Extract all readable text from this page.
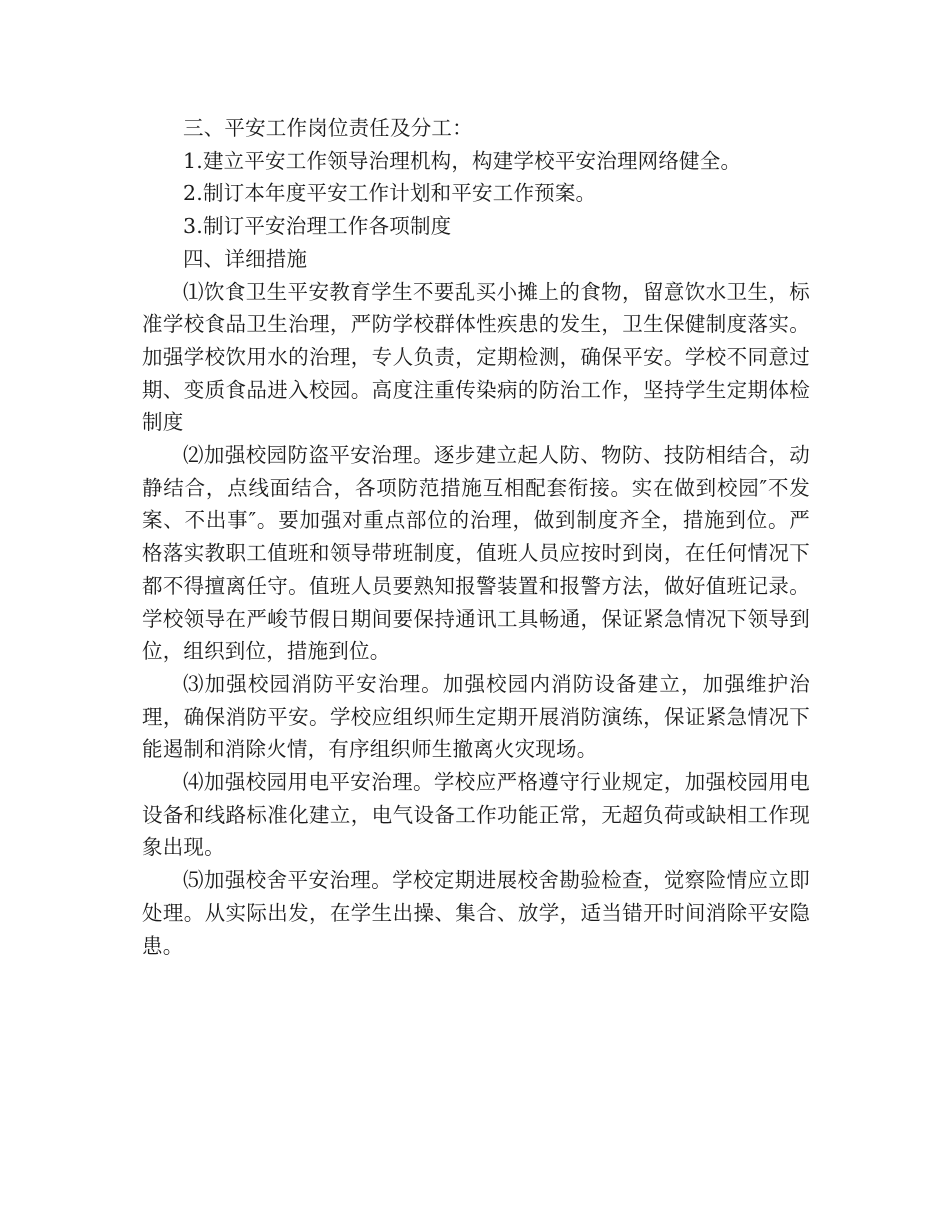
三、平安工作岗位责任及分工：

1.建立平安工作领导治理机构，构建学校平安治理网络健全。

2.制订本年度平安工作计划和平安工作预案。

3.制订平安治理工作各项制度

四、详细措施

⑴饮食卫生平安教育学生不要乱买小摊上的食物，留意饮水卫生，标准学校食品卫生治理，严防学校群体性疾患的发生，卫生保健制度落实。加强学校饮用水的治理，专人负责，定期检测，确保平安。学校不同意过期、变质食品进入校园。高度注重传染病的防治工作，坚持学生定期体检制度

⑵加强校园防盗平安治理。逐步建立起人防、物防、技防相结合，动静结合，点线面结合，各项防范措施互相配套衔接。实在做到校园″不发案、不出事″。要加强对重点部位的治理，做到制度齐全，措施到位。严格落实教职工值班和领导带班制度，值班人员应按时到岗，在任何情况下都不得擅离任守。值班人员要熟知报警装置和报警方法，做好值班记录。学校领导在严峻节假日期间要保持通讯工具畅通，保证紧急情况下领导到位，组织到位，措施到位。

⑶加强校园消防平安治理。加强校园内消防设备建立，加强维护治理，确保消防平安。学校应组织师生定期开展消防演练，保证紧急情况下能遏制和消除火情，有序组织师生撤离火灾现场。

⑷加强校园用电平安治理。学校应严格遵守行业规定，加强校园用电设备和线路标准化建立，电气设备工作功能正常，无超负荷或缺相工作现象出现。

⑸加强校舍平安治理。学校定期进展校舍勘验检查，觉察险情应立即处理。从实际出发，在学生出操、集合、放学，适当错开时间消除平安隐患。
